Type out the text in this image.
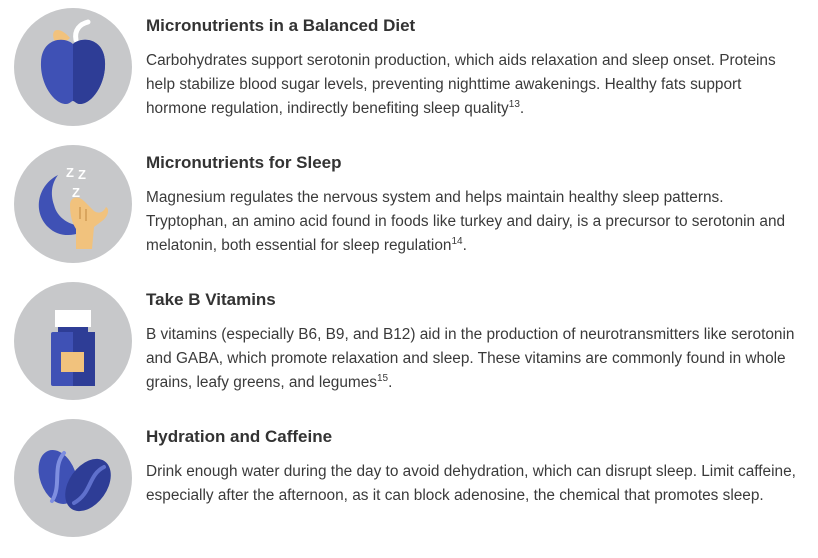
Micronutrients in a Balanced Diet
Carbohydrates support serotonin production, which aids relaxation and sleep onset. Proteins help stabilize blood sugar levels, preventing nighttime awakenings. Healthy fats support hormone regulation, indirectly benefiting sleep quality$^{13}$.
Z Z
Z
Micronutrients for Sleep
Magnesium regulates the nervous system and helps maintain healthy sleep patterns. Tryptophan, an amino acid found in foods like turkey and dairy, is a precursor to serotonin and melatonin, both essential for sleep regulation$^{14}$.
Take B Vitamins
B vitamins (especially B6, B9, and B12) aid in the production of neurotransmitters like serotonin and GABA, which promote relaxation and sleep. These vitamins are commonly found in whole grains, leafy greens, and legumes$^{15}$.
Hydration and Caffeine
Drink enough water during the day to avoid dehydration, which can disrupt sleep. Limit caffeine, especially after the afternoon, as it can block adenosine, the chemical that promotes sleep.
